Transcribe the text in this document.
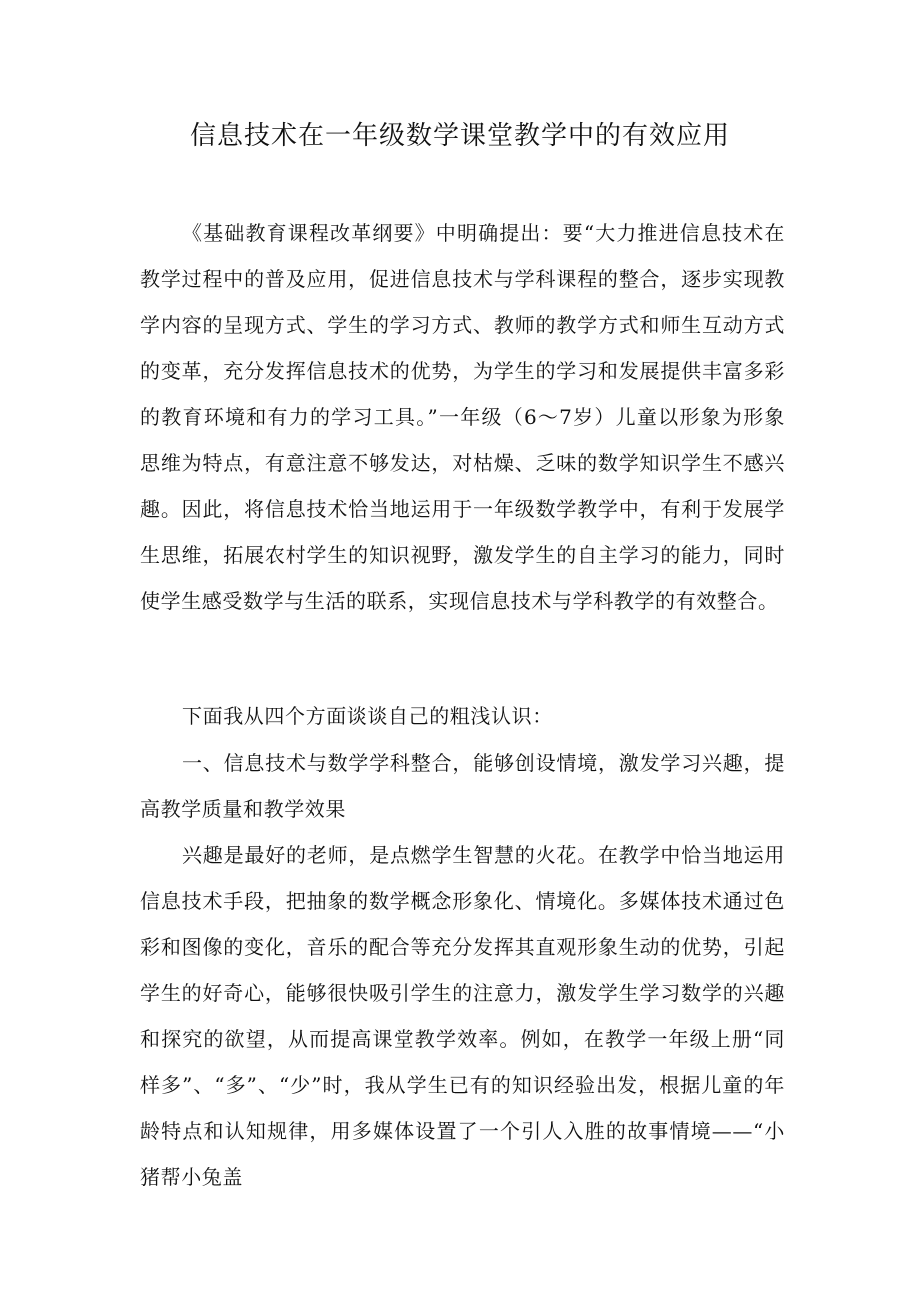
信息技术在一年级数学课堂教学中的有效应用

《基础教育课程改革纲要》中明确提出：要“大力推进信息技术在教学过程中的普及应用，促进信息技术与学科课程的整合，逐步实现教学内容的呈现方式、学生的学习方式、教师的教学方式和师生互动方式的变革，充分发挥信息技术的优势，为学生的学习和发展提供丰富多彩的教育环境和有力的学习工具。”一年级（6～7岁）儿童以形象为形象思维为特点，有意注意不够发达，对枯燥、乏味的数学知识学生不感兴趣。因此，将信息技术恰当地运用于一年级数学教学中，有利于发展学生思维，拓展农村学生的知识视野，激发学生的自主学习的能力，同时使学生感受数学与生活的联系，实现信息技术与学科教学的有效整合。

下面我从四个方面谈谈自己的粗浅认识：

一、信息技术与数学学科整合，能够创设情境，激发学习兴趣，提高教学质量和教学效果

兴趣是最好的老师，是点燃学生智慧的火花。在教学中恰当地运用信息技术手段，把抽象的数学概念形象化、情境化。多媒体技术通过色彩和图像的变化，音乐的配合等充分发挥其直观形象生动的优势，引起学生的好奇心，能够很快吸引学生的注意力，激发学生学习数学的兴趣和探究的欲望，从而提高课堂教学效率。例如，在教学一年级上册“同样多”、“多”、“少”时，我从学生已有的知识经验出发，根据儿童的年龄特点和认知规律，用多媒体设置了一个引人入胜的故事情境——“小猪帮小兔盖
